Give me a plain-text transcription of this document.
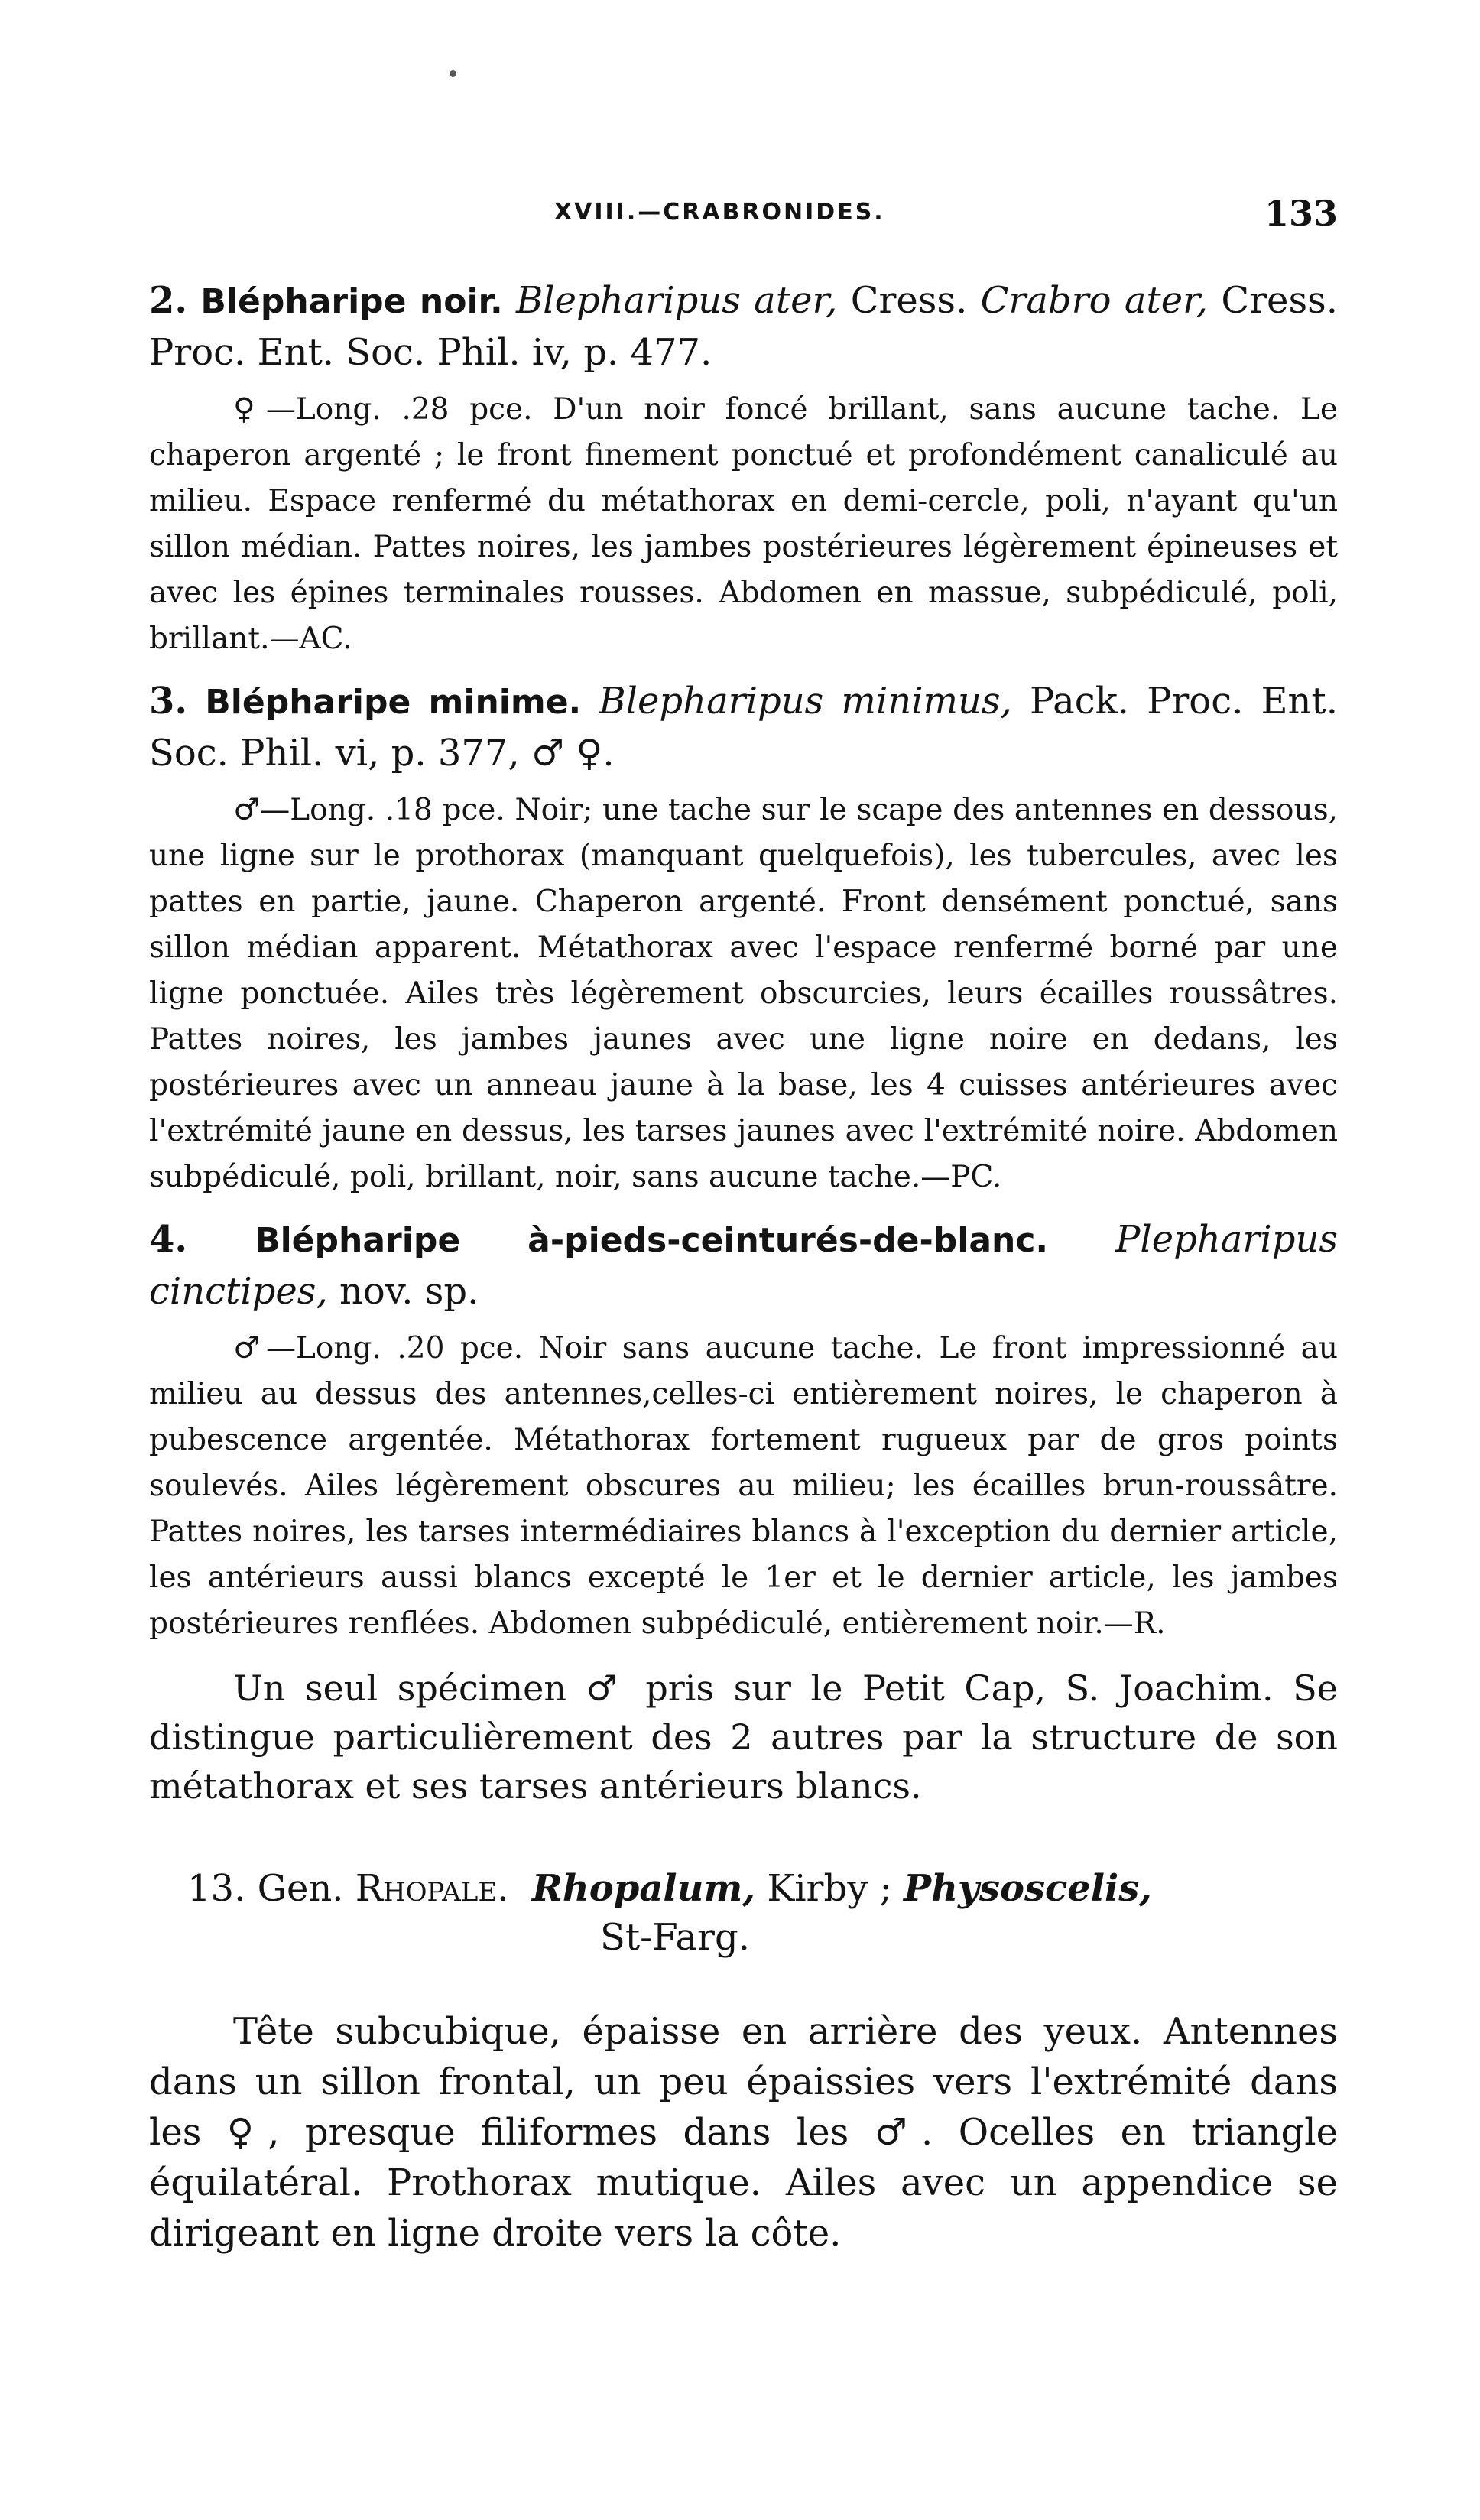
XVIII.—CRABRONIDES.	133
2. Blépharipe noir. Blepharipus ater, Cress. Crabro ater, Cress. Proc. Ent. Soc. Phil. iv, p. 477.

♀—Long. .28 pce. D'un noir foncé brillant, sans aucune tache. Le chaperon argenté ; le front finement ponctué et profondément canaliculé au milieu. Espace renfermé du métathorax en demi-cercle, poli, n'ayant qu'un sillon médian. Pattes noires, les jambes postérieures légèrement épineuses et avec les épines terminales rousses. Abdomen en massue, subpédiculé, poli, brillant.—AC.

3. Blépharipe minime. Blepharipus minimus, Pack. Proc. Ent. Soc. Phil. vi, p. 377, ♂ ♀.

♂—Long. .18 pce. Noir; une tache sur le scape des antennes en dessous, une ligne sur le prothorax (manquant quelquefois), les tubercules, avec les pattes en partie, jaune. Chaperon argenté. Front densément ponctué, sans sillon médian apparent. Métathorax avec l'espace renfermé borné par une ligne ponctuée. Ailes très légèrement obscurcies, leurs écailles roussâtres. Pattes noires, les jambes jaunes avec une ligne noire en dedans, les postérieures avec un anneau jaune à la base, les 4 cuisses antérieures avec l'extrémité jaune en dessus, les tarses jaunes avec l'extrémité noire. Abdomen subpédiculé, poli, brillant, noir, sans aucune tache.—PC.

4. Blépharipe à-pieds-ceinturés-de-blanc. Plepharipus cinctipes, nov. sp.

♂—Long. .20 pce. Noir sans aucune tache. Le front impressionné au milieu au dessus des antennes,celles-ci entièrement noires, le chaperon à pubescence argentée. Métathorax fortement rugueux par de gros points soulevés. Ailes légèrement obscures au milieu; les écailles brun-roussâtre. Pattes noires, les tarses intermédiaires blancs à l'exception du dernier article, les antérieurs aussi blancs excepté le 1er et le dernier article, les jambes postérieures renflées. Abdomen subpédiculé, entièrement noir.—R.

Un seul spécimen ♂ pris sur le Petit Cap, S. Joachim. Se distingue particulièrement des 2 autres par la structure de son métathorax et ses tarses antérieurs blancs.

13. Gen. Rhopale. Rhopalum, Kirby ; Physoscelis,
St-Farg.

Tête subcubique, épaisse en arrière des yeux. Antennes dans un sillon frontal, un peu épaissies vers l'extrémité dans les ♀, presque filiformes dans les ♂. Ocelles en triangle équilatéral. Prothorax mutique. Ailes avec un appendice se dirigeant en ligne droite vers la côte.
